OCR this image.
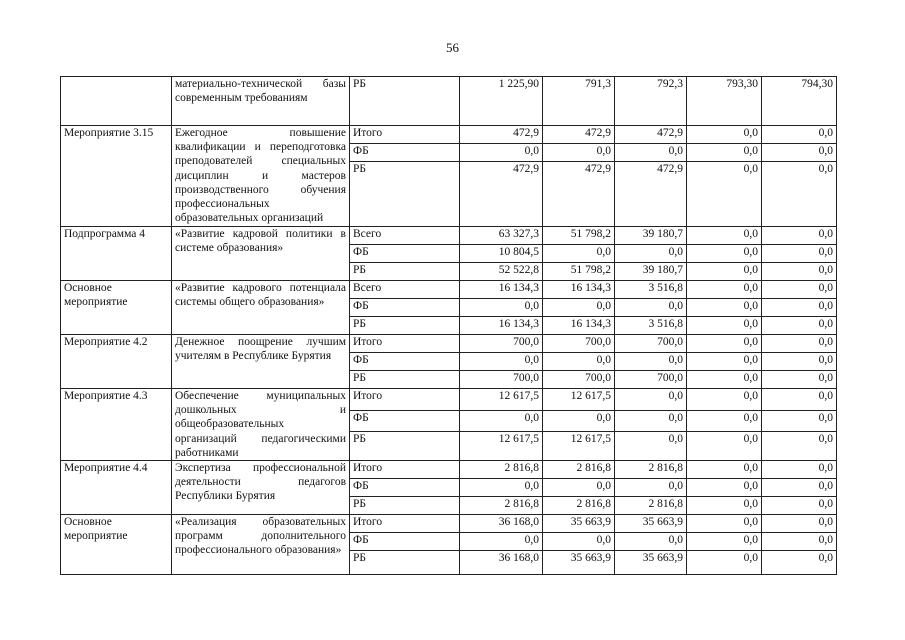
56
	материально-технической базы современным требованиям	РБ	1 225,90	791,3	792,3	793,30	794,30
Мероприятие 3.15	Ежегодное повышение квалификации и переподготовка преподователей специальных дисциплин и мастеров производственного обучения профессиональных образовательных организаций	Итого	472,9	472,9	472,9	0,0	0,0
		ФБ	0,0	0,0	0,0	0,0	0,0
		РБ	472,9	472,9	472,9	0,0	0,0
Подпрограмма 4	«Развитие кадровой политики в системе образования»	Всего	63 327,3	51 798,2	39 180,7	0,0	0,0
		ФБ	10 804,5	0,0	0,0	0,0	0,0
		РБ	52 522,8	51 798,2	39 180,7	0,0	0,0
Основное мероприятие	«Развитие кадрового потенциала системы общего образования»	Всего	16 134,3	16 134,3	3 516,8	0,0	0,0
		ФБ	0,0	0,0	0,0	0,0	0,0
		РБ	16 134,3	16 134,3	3 516,8	0,0	0,0
Мероприятие 4.2	Денежное поощрение лучшим учителям в Республике Бурятия	Итого	700,0	700,0	700,0	0,0	0,0
		ФБ	0,0	0,0	0,0	0,0	0,0
		РБ	700,0	700,0	700,0	0,0	0,0
Мероприятие 4.3	Обеспечение муниципальных дошкольных и общеобразовательных организаций педагогическими работниками	Итого	12 617,5	12 617,5	0,0	0,0	0,0
		ФБ	0,0	0,0	0,0	0,0	0,0
		РБ	12 617,5	12 617,5	0,0	0,0	0,0
Мероприятие 4.4	Экспертиза профессиональной деятельности педагогов Республики Бурятия	Итого	2 816,8	2 816,8	2 816,8	0,0	0,0
		ФБ	0,0	0,0	0,0	0,0	0,0
		РБ	2 816,8	2 816,8	2 816,8	0,0	0,0
Основное мероприятие	«Реализация образовательных программ дополнительного профессионального образования»	Итого	36 168,0	35 663,9	35 663,9	0,0	0,0
		ФБ	0,0	0,0	0,0	0,0	0,0
		РБ	36 168,0	35 663,9	35 663,9	0,0	0,0
